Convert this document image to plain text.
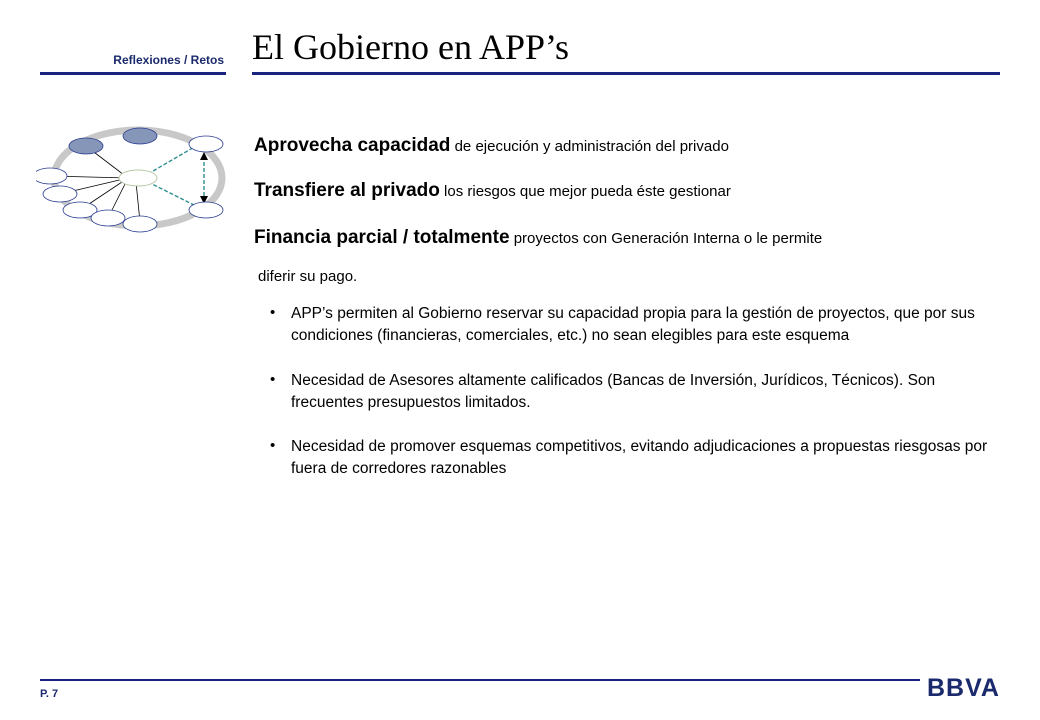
Reflexiones / Retos El Gobierno en APP’s
Aprovecha capacidad de ejecución y administración del privado
Transfiere al privado los riesgos que mejor pueda éste gestionar
Financia parcial / totalmente proyectos con Generación Interna o le permite
diferir su pago.
• APP’s permiten al Gobierno reservar su capacidad propia para la gestión de proyectos, que por sus condiciones (financieras, comerciales, etc.) no sean elegibles para este esquema
• Necesidad de Asesores altamente calificados (Bancas de Inversión, Jurídicos, Técnicos). Son frecuentes presupuestos limitados.
• Necesidad de promover esquemas competitivos, evitando adjudicaciones a propuestas riesgosas por fuera de corredores razonables
P. 7	BBVA
